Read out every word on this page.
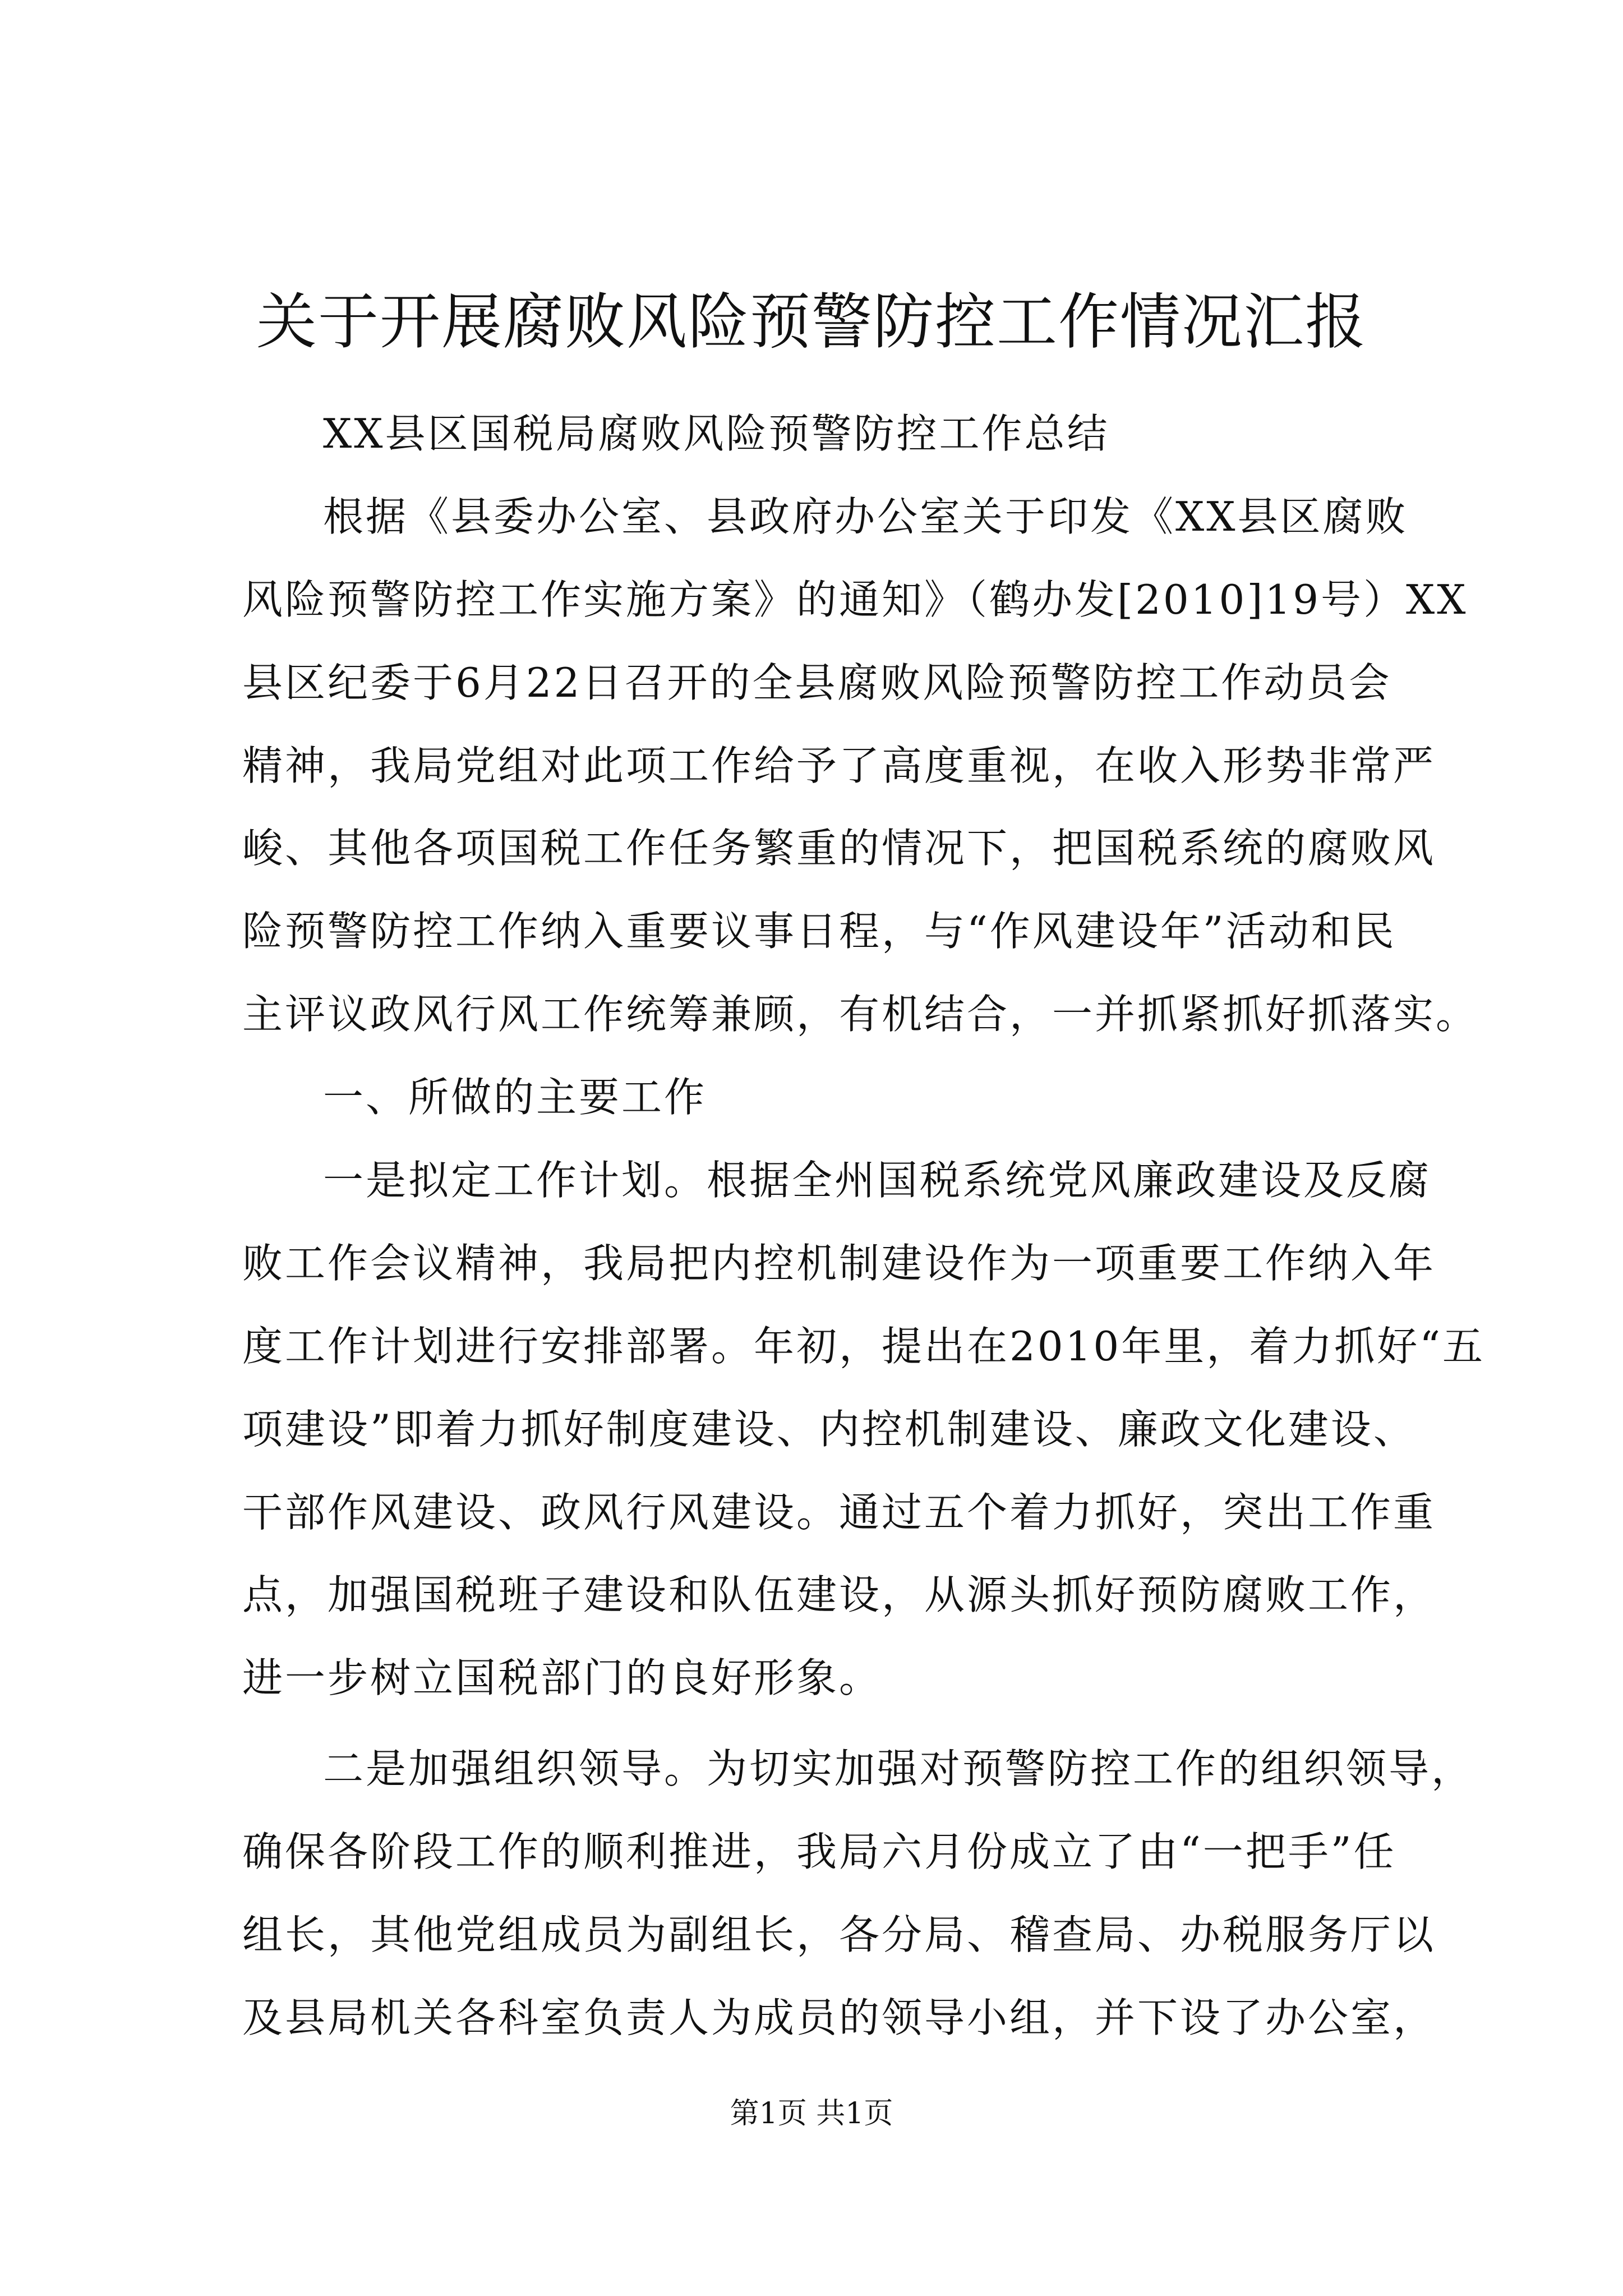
关于开展腐败风险预警防控工作情况汇报
XX县区国税局腐败风险预警防控工作总结
根据《县委办公室、县政府办公室关于印发《XX县区腐败
风险预警防控工作实施方案》的通知》（鹤办发[2010]19号）XX
县区纪委于6月22日召开的全县腐败风险预警防控工作动员会
精神，我局党组对此项工作给予了高度重视，在收入形势非常严
峻、其他各项国税工作任务繁重的情况下，把国税系统的腐败风
险预警防控工作纳入重要议事日程，与“作风建设年”活动和民
主评议政风行风工作统筹兼顾，有机结合，一并抓紧抓好抓落实。
一、所做的主要工作
一是拟定工作计划。根据全州国税系统党风廉政建设及反腐
败工作会议精神，我局把内控机制建设作为一项重要工作纳入年
度工作计划进行安排部署。年初，提出在2010年里，着力抓好“五
项建设”即着力抓好制度建设、内控机制建设、廉政文化建设、
干部作风建设、政风行风建设。通过五个着力抓好，突出工作重
点，加强国税班子建设和队伍建设，从源头抓好预防腐败工作，
进一步树立国税部门的良好形象。
二是加强组织领导。为切实加强对预警防控工作的组织领导，
确保各阶段工作的顺利推进，我局六月份成立了由“一把手”任
组长，其他党组成员为副组长，各分局、稽查局、办税服务厅以
及县局机关各科室负责人为成员的领导小组，并下设了办公室，
第1页 共1页
